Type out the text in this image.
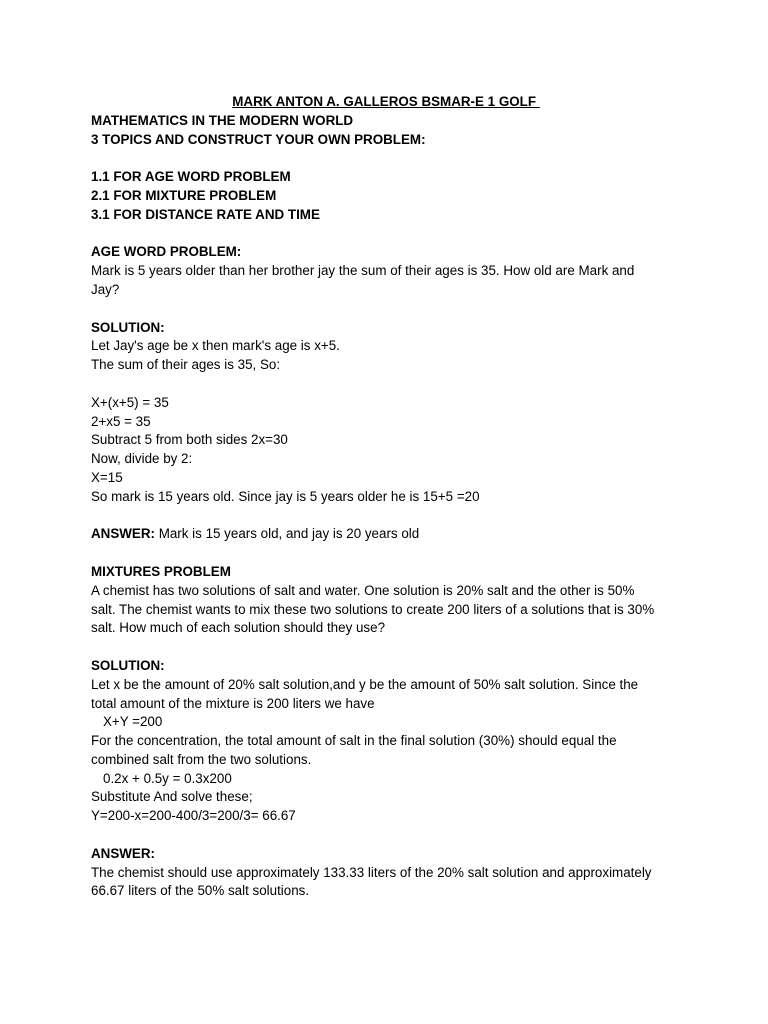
MARK ANTON A. GALLEROS BSMAR-E 1 GOLF

MATHEMATICS IN THE MODERN WORLD

3 TOPICS AND CONSTRUCT YOUR OWN PROBLEM:

1.1 FOR AGE WORD PROBLEM

2.1 FOR MIXTURE PROBLEM

3.1 FOR DISTANCE RATE AND TIME

AGE WORD PROBLEM:

Mark is 5 years older than her brother jay the sum of their ages is 35. How old are Mark and

Jay?

SOLUTION:

Let Jay's age be x then mark's age is x+5.

The sum of their ages is 35, So:

X+(x+5) = 35

2+x5 = 35

Subtract 5 from both sides 2x=30

Now, divide by 2:

X=15

So mark is 15 years old. Since jay is 5 years older he is 15+5 =20

ANSWER: Mark is 15 years old, and jay is 20 years old

MIXTURES PROBLEM

A chemist has two solutions of salt and water. One solution is 20% salt and the other is 50%

salt. The chemist wants to mix these two solutions to create 200 liters of a solutions that is 30%

salt. How much of each solution should they use?

SOLUTION:

Let x be the amount of 20% salt solution,and y be the amount of 50% salt solution. Since the

total amount of the mixture is 200 liters we have

X+Y =200

For the concentration, the total amount of salt in the final solution (30%) should equal the

combined salt from the two solutions.

0.2x + 0.5y = 0.3x200

Substitute And solve these;

Y=200-x=200-400/3=200/3= 66.67

ANSWER:

The chemist should use approximately 133.33 liters of the 20% salt solution and approximately

66.67 liters of the 50% salt solutions.
